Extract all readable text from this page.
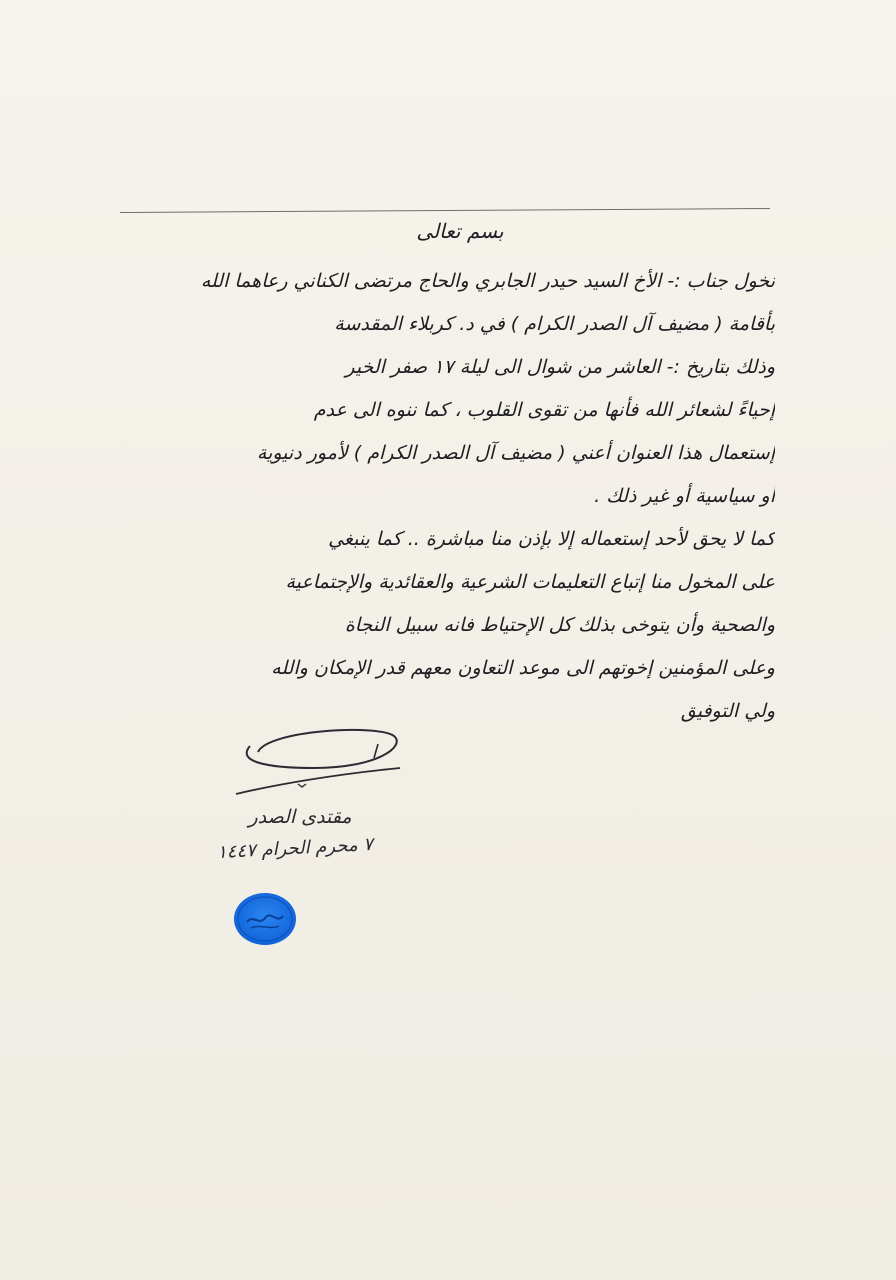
بسم تعالى
نخول جناب :- الأخ السيد حيدر الجابري والحاج مرتضى الكناني رعاهما الله
بأقامة ( مضيف آل الصدر الكرام ) في د. كربلاء المقدسة
وذلك بتاريخ :- العاشر من شوال الى ليلة ١٧ صفر الخير
إحياءً لشعائر الله فأنها من تقوى القلوب ، كما ننوه الى عدم
إستعمال هذا العنوان أعني ( مضيف آل الصدر الكرام ) لأمور دنيوية
أو سياسية أو غير ذلك .
كما لا يحق لأحد إستعماله إلا بإذن منا مباشرة .. كما ينبغي
على المخول منا إتباع التعليمات الشرعية والعقائدية والإجتماعية
والصحية وأن يتوخى بذلك كل الإحتياط فانه سبيل النجاة
وعلى المؤمنين إخوتهم الى موعد التعاون معهم قدر الإمكان والله
ولي التوفيق
مقتدى الصدر
٧ محرم الحرام ١٤٤٧
